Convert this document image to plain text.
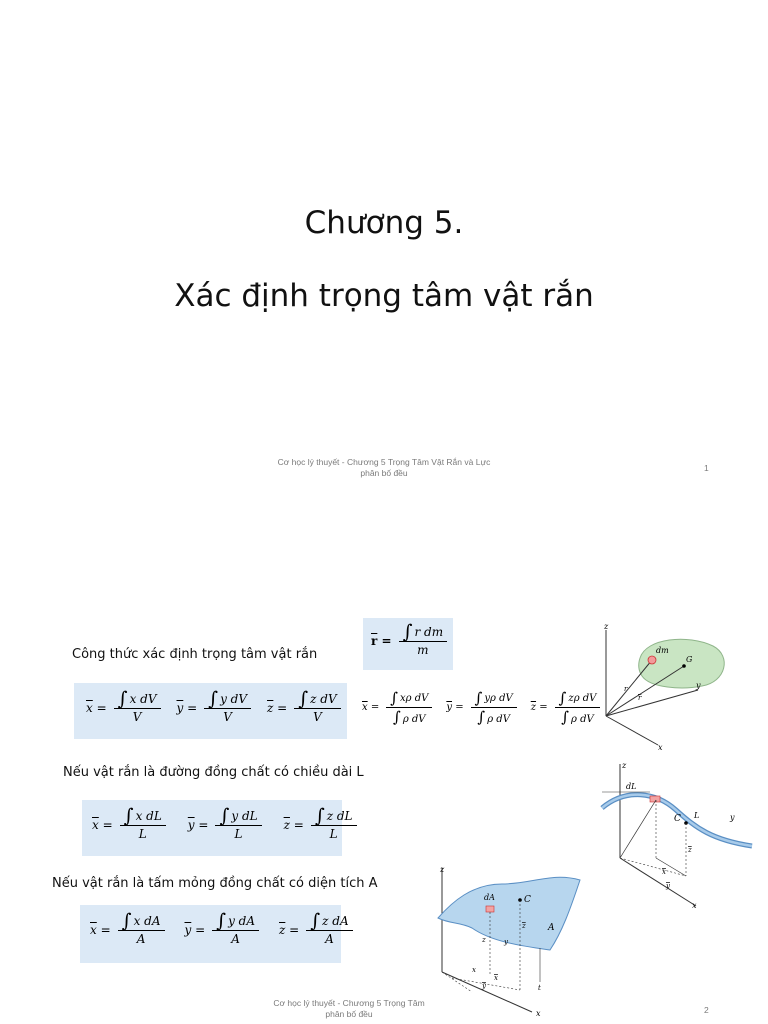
Chương 5.
Xác định trọng tâm vật rắn
Cơ học lý thuyết - Chương 5 Trọng Tâm Vật Rắn và Lực
phân bố đều	1
Công thức xác định trọng tâm vật rắn
$\overline{r} = \frac{\text{∫ r dm}}{m}$
$\overline{x} = \frac{\text{∫ x dV}}{V} \overline{y} = \frac{\text{∫ y dV}}{V} \overline{z} = \frac{\text{∫ z dV}}{V} \overline{x} = \frac{\text{∫ xρ dV}}{\text{∫ ρ dV}} \overline{y} = \frac{\text{∫ yρ dV}}{\text{∫ ρ dV}} \overline{z} = \frac{\text{∫ zρ dV}}{\text{∫ ρ dV}}$
z
dm
G
r
r
y
x
Nếu vật rắn là đường đồng chất có chiều dài L
$\overline{x} = \frac{\text{∫ x dL}}{L} \overline{y} = \frac{\text{∫ y dL}}{L} \overline{z} = \frac{\text{∫ z dL}}{L}$
z
dL
L	y
C
z
x
y
x
Nếu vật rắn là tấm mỏng đồng chất có diện tích A
$\overline{x} = \frac{\text{∫ x dA}}{A} \overline{y} = \frac{\text{∫ y dA}}{A} \overline{z} = \frac{\text{∫ z dA}}{A}$
z
dA	C
A
z
z	y
x
x
y
x
t
Cơ học lý thuyết - Chương 5 Trọng Tâm
phân bố đều	2
